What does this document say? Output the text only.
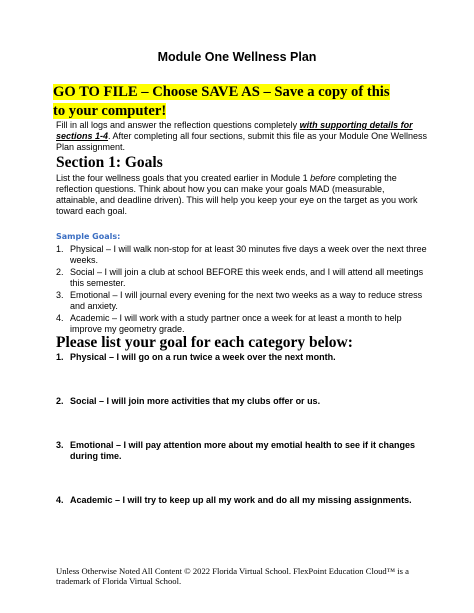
Module One Wellness Plan
GO TO FILE – Choose SAVE AS – Save a copy of this to your computer!
Fill in all logs and answer the reflection questions completely with supporting details for sections 1-4. After completing all four sections, submit this file as your Module One Wellness Plan assignment.
Section 1: Goals
List the four wellness goals that you created earlier in Module 1 before completing the reflection questions. Think about how you can make your goals MAD (measurable, attainable, and deadline driven). This will help you keep your eye on the target as you work toward each goal.
Sample Goals:
1. Physical – I will walk non-stop for at least 30 minutes five days a week over the next three weeks.
2. Social – I will join a club at school BEFORE this week ends, and I will attend all meetings this semester.
3. Emotional – I will journal every evening for the next two weeks as a way to reduce stress and anxiety.
4. Academic – I will work with a study partner once a week for at least a month to help improve my geometry grade.
Please list your goal for each category below:
1. Physical – I will go on a run twice a week over the next month.
2. Social – I will join more activities that my clubs offer or us.
3. Emotional – I will pay attention more about my emotial health to see if it changes during time.
4. Academic – I will try to keep up all my work and do all my missing assignments.
Unless Otherwise Noted All Content © 2022 Florida Virtual School. FlexPoint Education Cloud™ is a trademark of Florida Virtual School.
